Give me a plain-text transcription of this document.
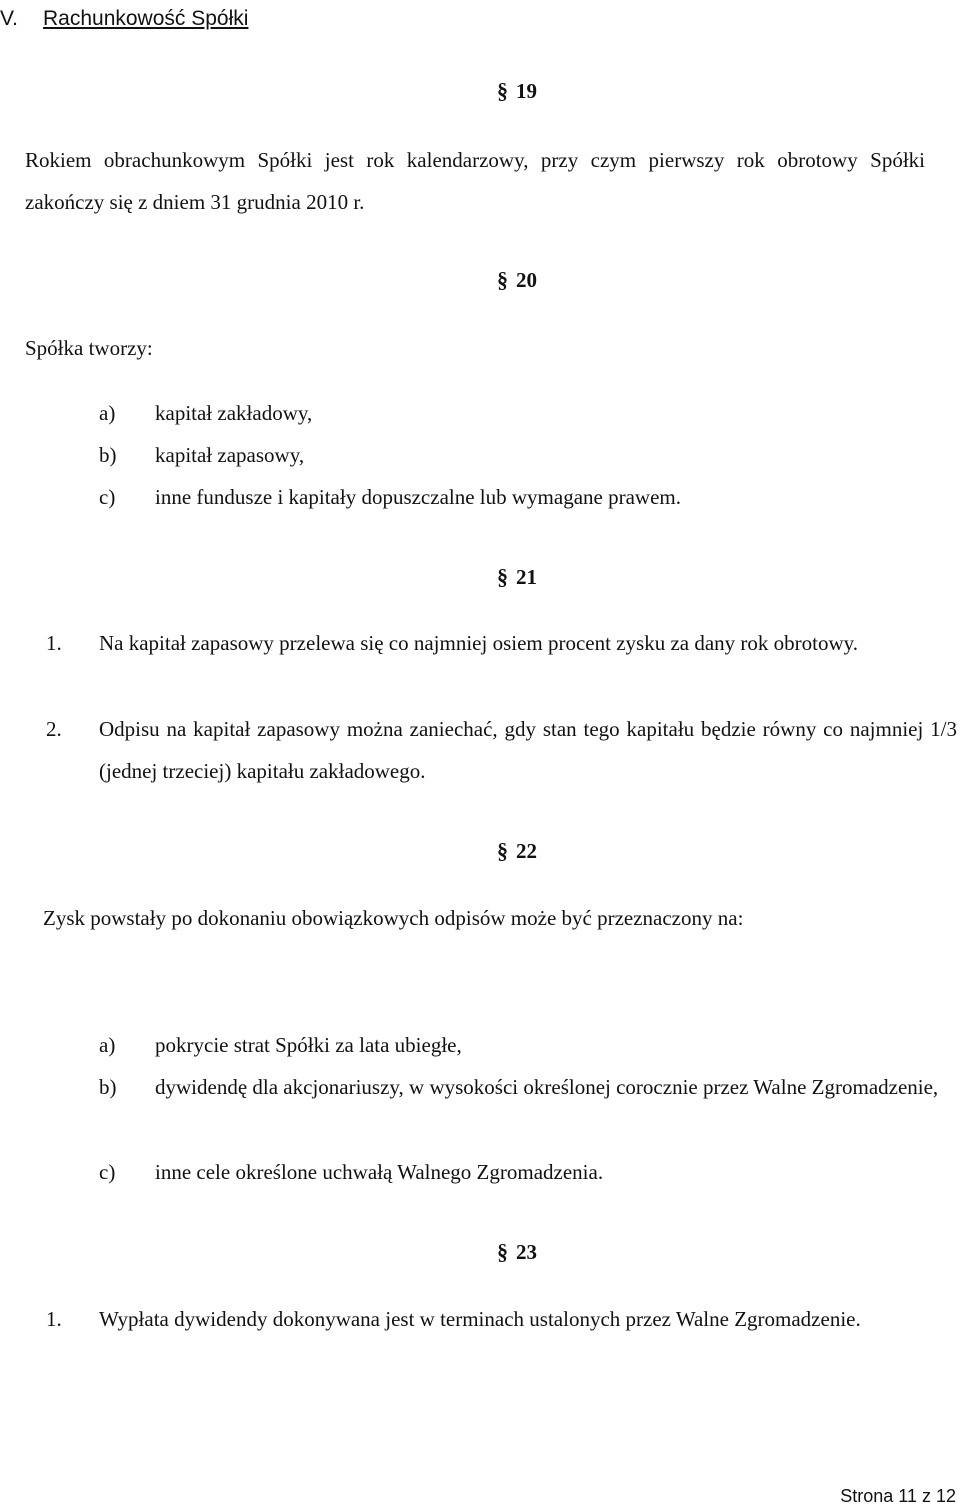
V. Rachunkowość Spółki
§ 19

Rokiem obrachunkowym Spółki jest rok kalendarzowy, przy czym pierwszy rok obrotowy Spółki zakończy się z dniem 31 grudnia 2010 r.

§ 20

Spółka tworzy:

a) kapitał zakładowy,
b) kapitał zapasowy,
c) inne fundusze i kapitały dopuszczalne lub wymagane prawem.
§ 21
1. Na kapitał zapasowy przelewa się co najmniej osiem procent zysku za dany rok obrotowy.
2. Odpisu na kapitał zapasowy można zaniechać, gdy stan tego kapitału będzie równy co najmniej 1/3 (jednej trzeciej) kapitału zakładowego.
§ 22

Zysk powstały po dokonaniu obowiązkowych odpisów może być przeznaczony na:

a) pokrycie strat Spółki za lata ubiegłe,
b) dywidendę dla akcjonariuszy, w wysokości określonej corocznie przez Walne Zgromadzenie,
c) inne cele określone uchwałą Walnego Zgromadzenia.
§ 23
1. Wypłata dywidendy dokonywana jest w terminach ustalonych przez Walne Zgromadzenie.
Strona 11 z 12
